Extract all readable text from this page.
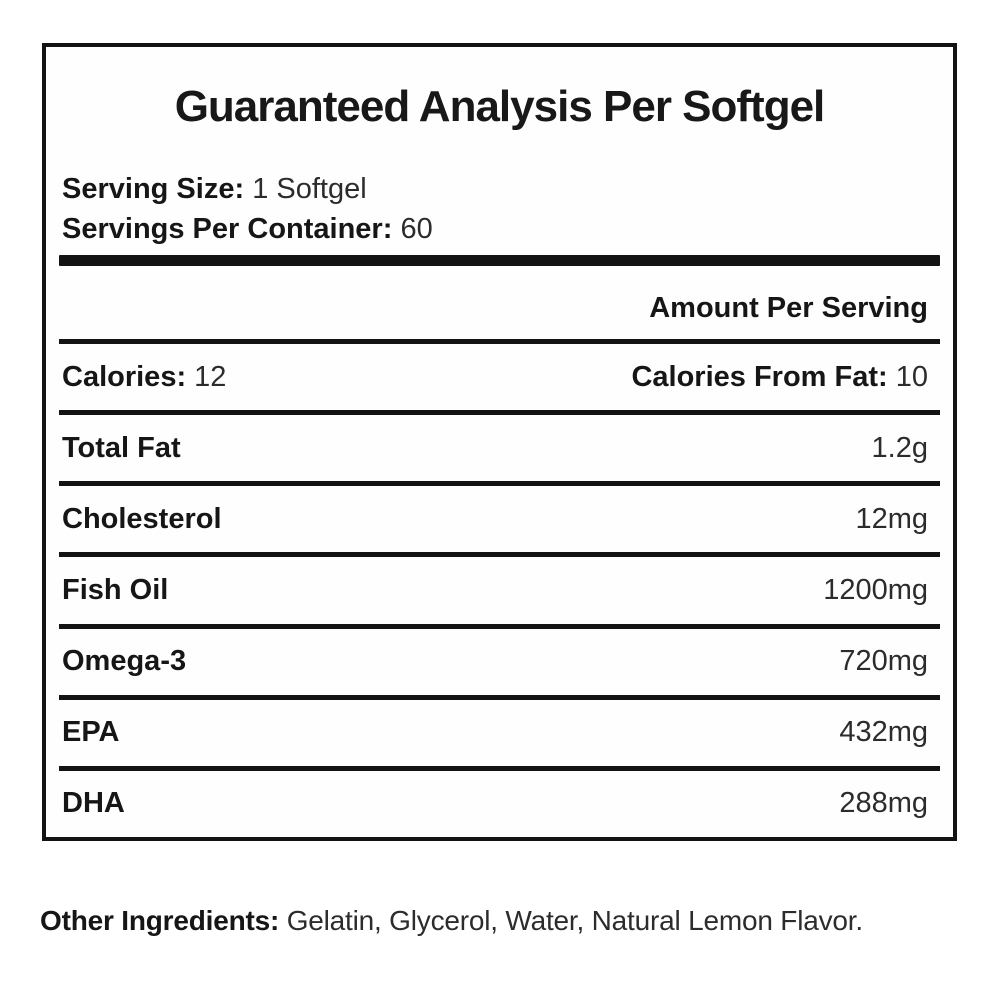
Guaranteed Analysis Per Softgel
Serving Size: 1 Softgel
Servings Per Container: 60
Amount Per Serving
Calories: 12	Calories From Fat: 10
Total Fat	1.2g
Cholesterol	12mg
Fish Oil	1200mg
Omega-3	720mg
EPA	432mg
DHA	288mg

Other Ingredients: Gelatin, Glycerol, Water, Natural Lemon Flavor.
